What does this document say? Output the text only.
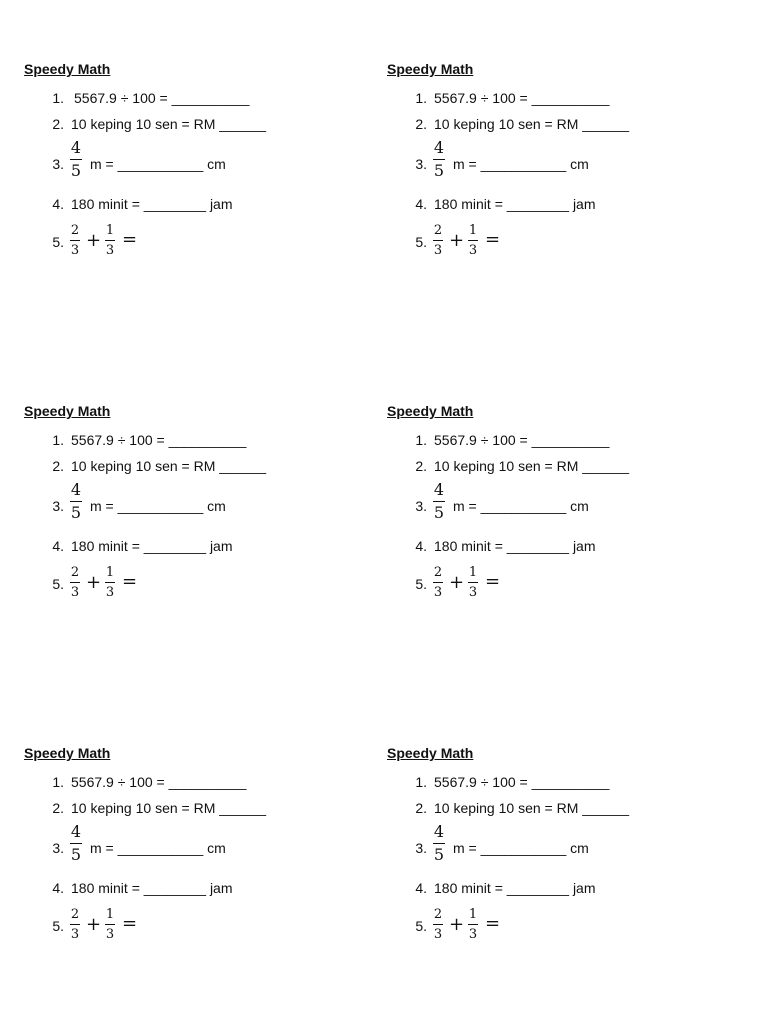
Speedy Math
1. 5567.9 ÷ 100 = __________
2. 10 keping 10 sen = RM ______
3.
4
5 m = ___________ cm
4. 180 minit = ________ jam
5.
2
3 + 1
3
=
Speedy Math
1. 5567.9 ÷ 100 = __________
2. 10 keping 10 sen = RM ______
3.
4
5 m = ___________ cm
4. 180 minit = ________ jam
5.
2
3 + 1
3
=
Speedy Math
1. 5567.9 ÷ 100 = __________
2. 10 keping 10 sen = RM ______
3.
4
5 m = ___________ cm
4. 180 minit = ________ jam
5.
2
3 + 1
3
=
Speedy Math
1. 5567.9 ÷ 100 = __________
2. 10 keping 10 sen = RM ______
3.
4
5 m = ___________ cm
4. 180 minit = ________ jam
5.
2
3 + 1
3
=
Speedy Math
1. 5567.9 ÷ 100 = __________
2. 10 keping 10 sen = RM ______
3.
4
5 m = ___________ cm
4. 180 minit = ________ jam
5.
2
3 + 1
3
=
Speedy Math
1. 5567.9 ÷ 100 = __________
2. 10 keping 10 sen = RM ______
3.
4
5 m = ___________ cm
4. 180 minit = ________ jam
5.
2
3 + 1
3
=
